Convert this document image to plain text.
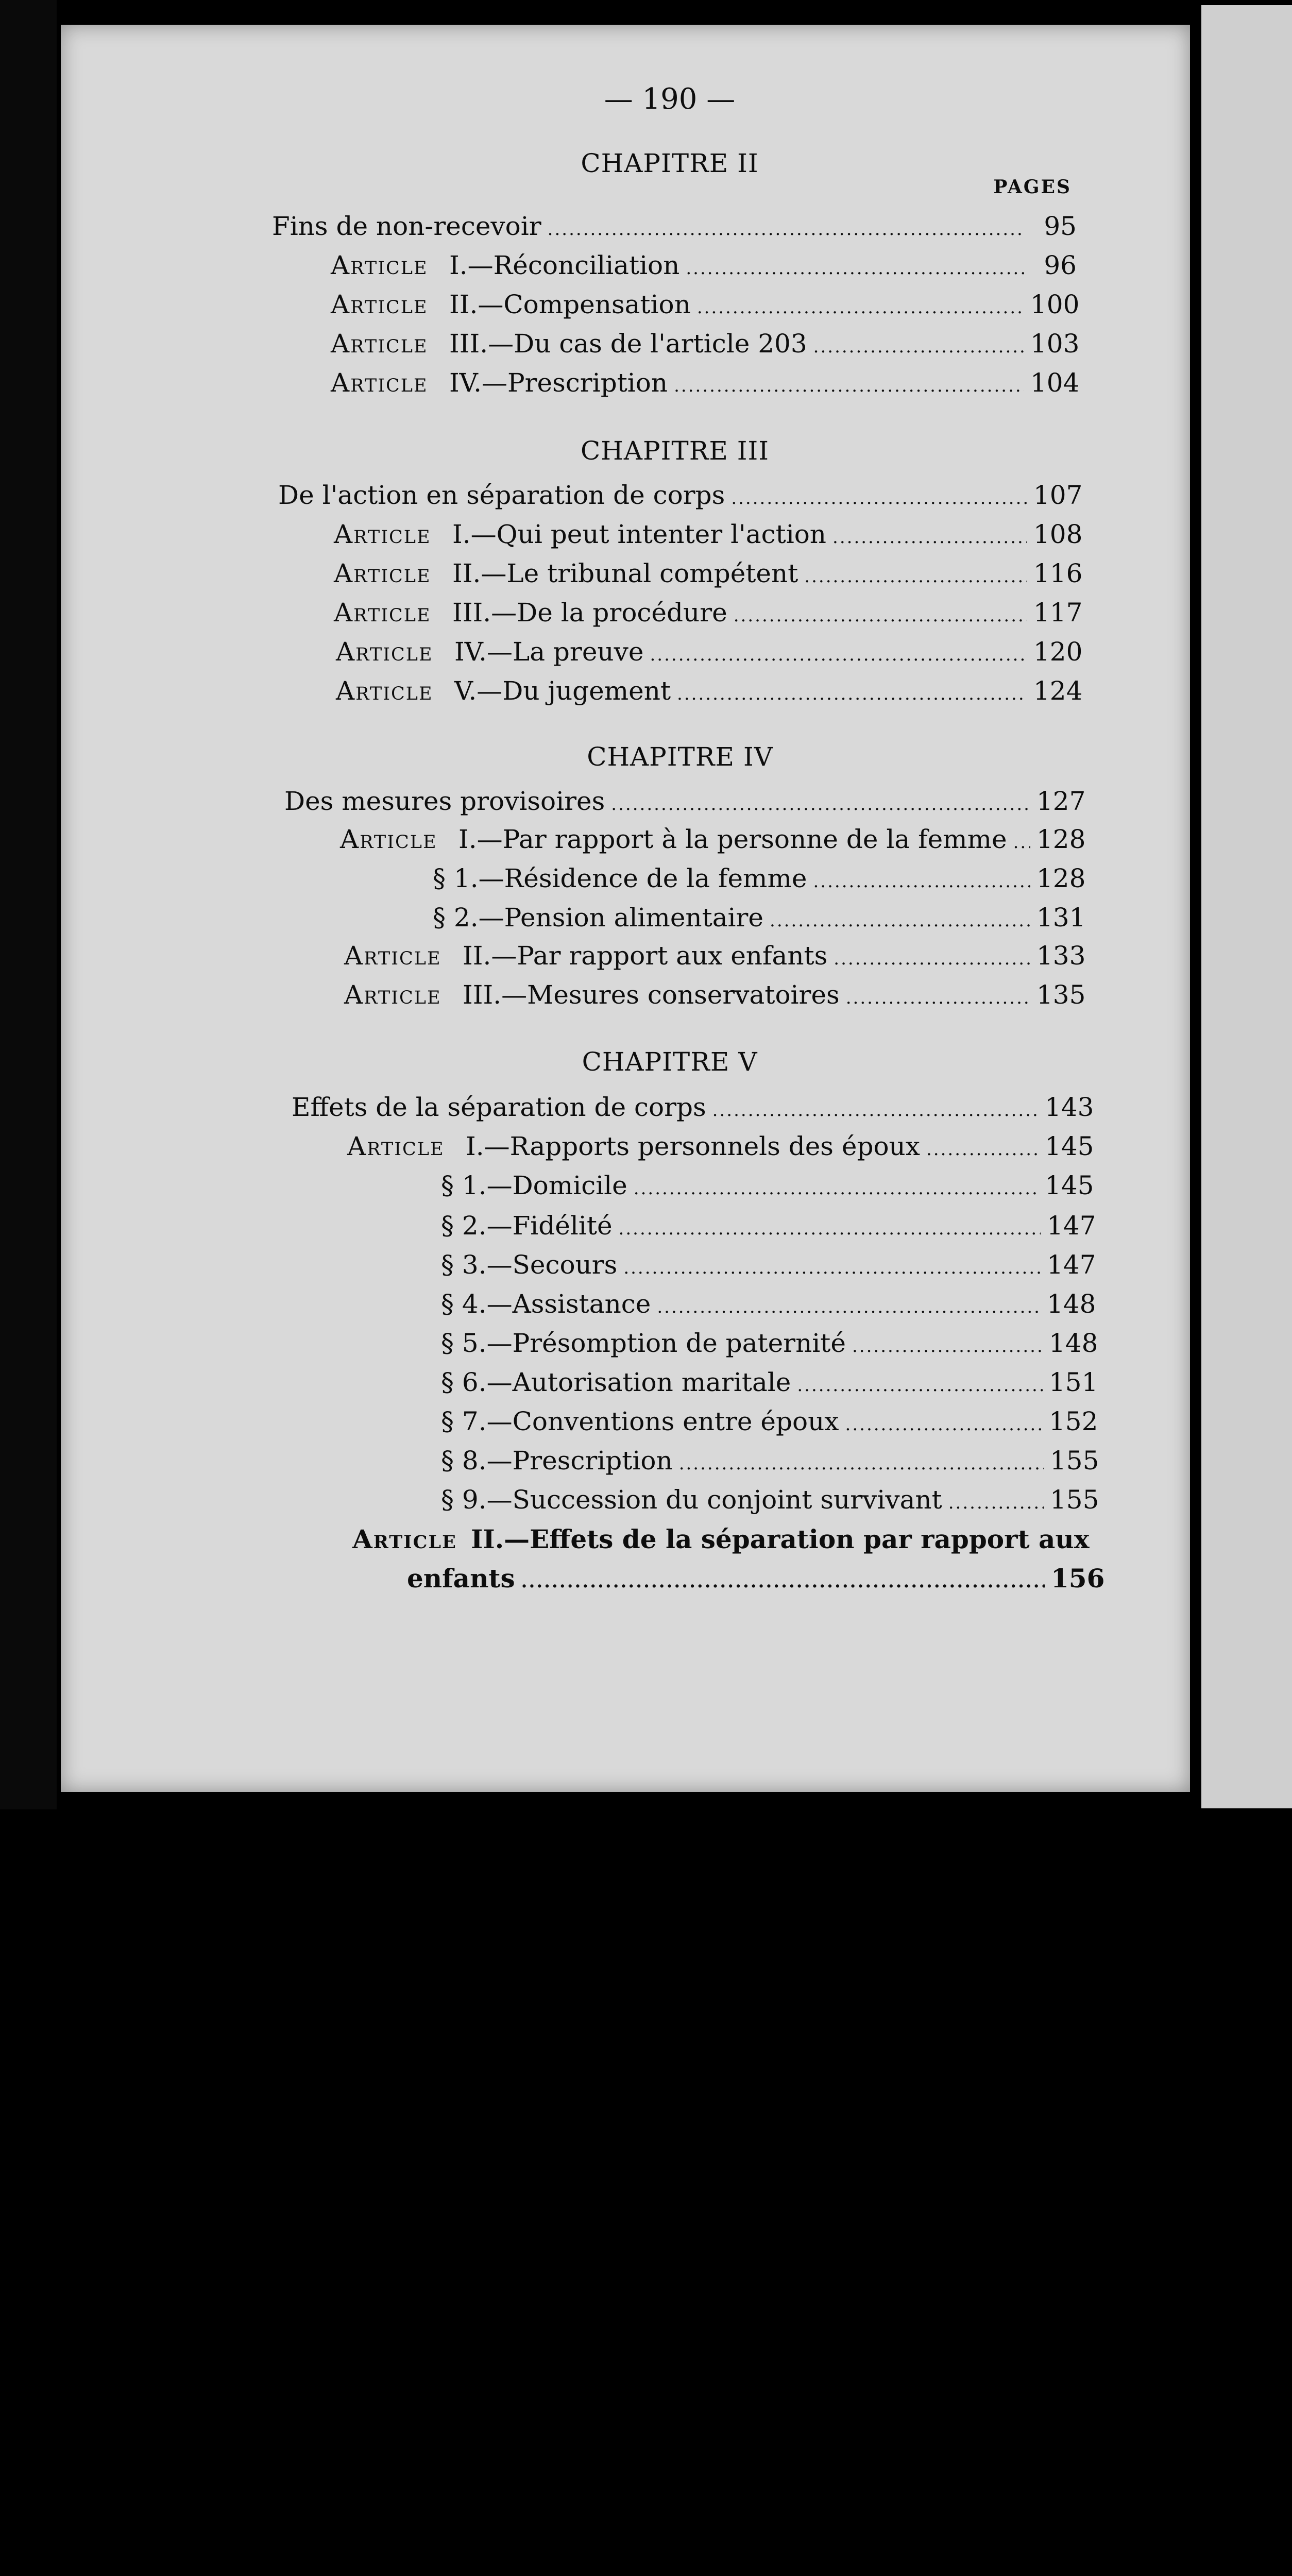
— 190 —
CHAPITRE II
PAGES
Fins de non-recevoir .....	95
Article I.—Réconciliation .....	96
Article II.—Compensation .....	100
Article III.—Du cas de l'article 203 .....	103
Article IV.—Prescription .....	104
CHAPITRE III
De l'action en séparation de corps .....	107
Article I.—Qui peut intenter l'action .....	108
Article II.—Le tribunal compétent .....	116
Article III.—De la procédure .....	117
Article IV.—La preuve .....	120
Article V.—Du jugement .....	124
CHAPITRE IV
Des mesures provisoires .....	127
Article I.—Par rapport à la personne de la femme ..... 128
§ 1.—Résidence de la femme .....	128
§ 2.—Pension alimentaire .....	131
Article II.—Par rapport aux enfants .....	133
Article III.—Mesures conservatoires .....	135
CHAPITRE V
Effets de la séparation de corps .....	143
Article I.—Rapports personnels des époux .....	145
§ 1.—Domicile .....	145
§ 2.—Fidélité .....	147
§ 3.—Secours .....	147
§ 4.—Assistance .....	148
§ 5.—Présomption de paternité .....	148
§ 6.—Autorisation maritale .....	151
§ 7.—Conventions entre époux .....	152
§ 8.—Prescription .....	155
§ 9.—Succession du conjoint survivant .....	155
Article II.—Effets de la séparation par rapport aux
enfants .....	156
